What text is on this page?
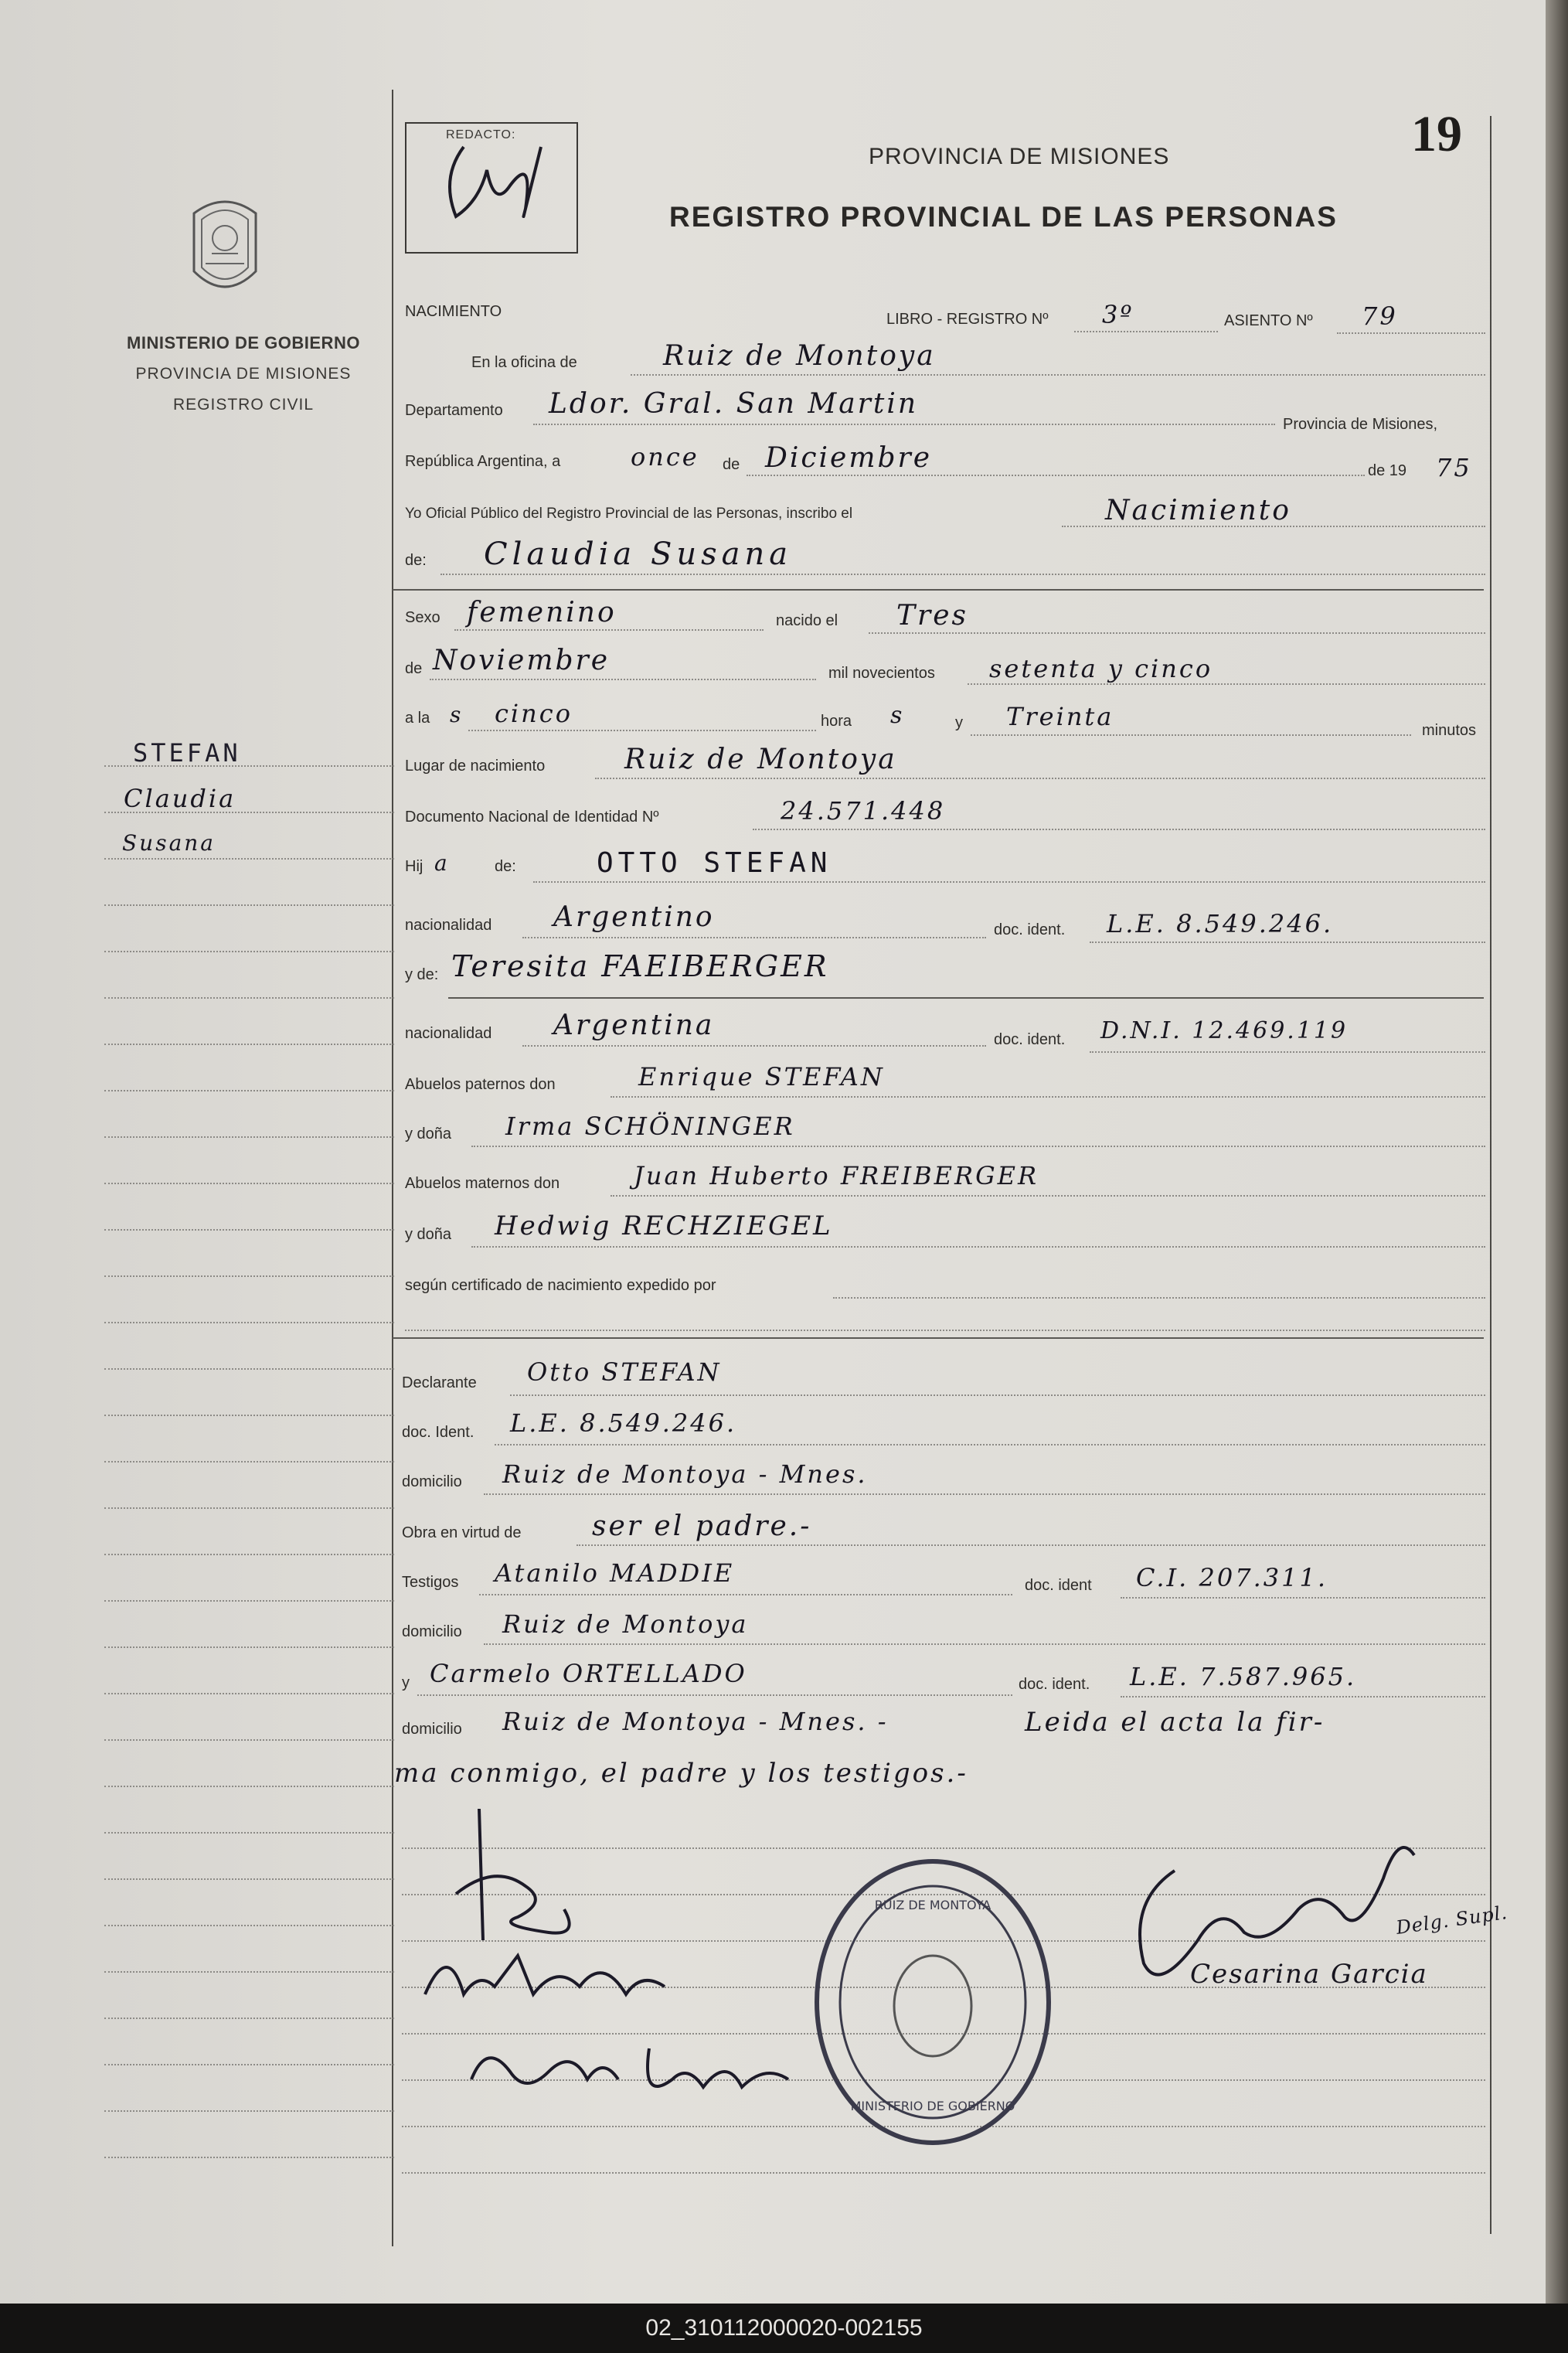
MINISTERIO DE GOBIERNO
PROVINCIA DE MISIONES
REGISTRO CIVIL
STEFAN
Claudia
Susana
REDACTO:
PROVINCIA DE MISIONES
REGISTRO PROVINCIAL DE LAS PERSONAS
19
NACIMIENTO	LIBRO - REGISTRO Nº 3º	ASIENTO Nº 79
En la oficina de	Ruiz de Montoya
Departamento Ldor. Gral. San Martin
Provincia de Misiones,
República Argentina, a	once de Diciembre	de 19 75
Yo Oficial Público del Registro Provincial de las Personas, inscribo el	Nacimiento
de: Claudia Susana
Sexo femenino	nacido el Tres
de Noviembre	mil novecientos setenta y cinco
a la s cinco	hora s	y Treinta	minutos
Lugar de nacimiento	Ruiz de Montoya
Documento Nacional de Identidad Nº	24.571.448
Hij a	de:	OTTO STEFAN
nacionalidad Argentino	doc. ident. L.E. 8.549.246.
y de: Teresita FAEIBERGER
nacionalidad Argentina	doc. ident. D.N.I. 12.469.119
Abuelos paternos don	Enrique STEFAN
y doña Irma SCHÖNINGER
Abuelos maternos don	Juan Huberto FREIBERGER
y doña Hedwig RECHZIEGEL
según certificado de nacimiento expedido por
Declarante Otto STEFAN
doc. Ident. L.E. 8.549.246.
domicilio Ruiz de Montoya - Mnes.
Obra en virtud de	ser el padre.-
Testigos Atanilo MADDIE	doc. ident C.I. 207.311.
domicilio Ruiz de Montoya
y Carmelo ORTELLADO	doc. ident. L.E. 7.587.965.
domicilio Ruiz de Montoya - Mnes. -	Leida el acta la fir-
ma conmigo, el padre y los testigos.-
RUIZ DE MONTOYA
MINISTERIO DE GOBIERNO
Delg. Supl.
Cesarina Garcia
02_310112000020-002155
